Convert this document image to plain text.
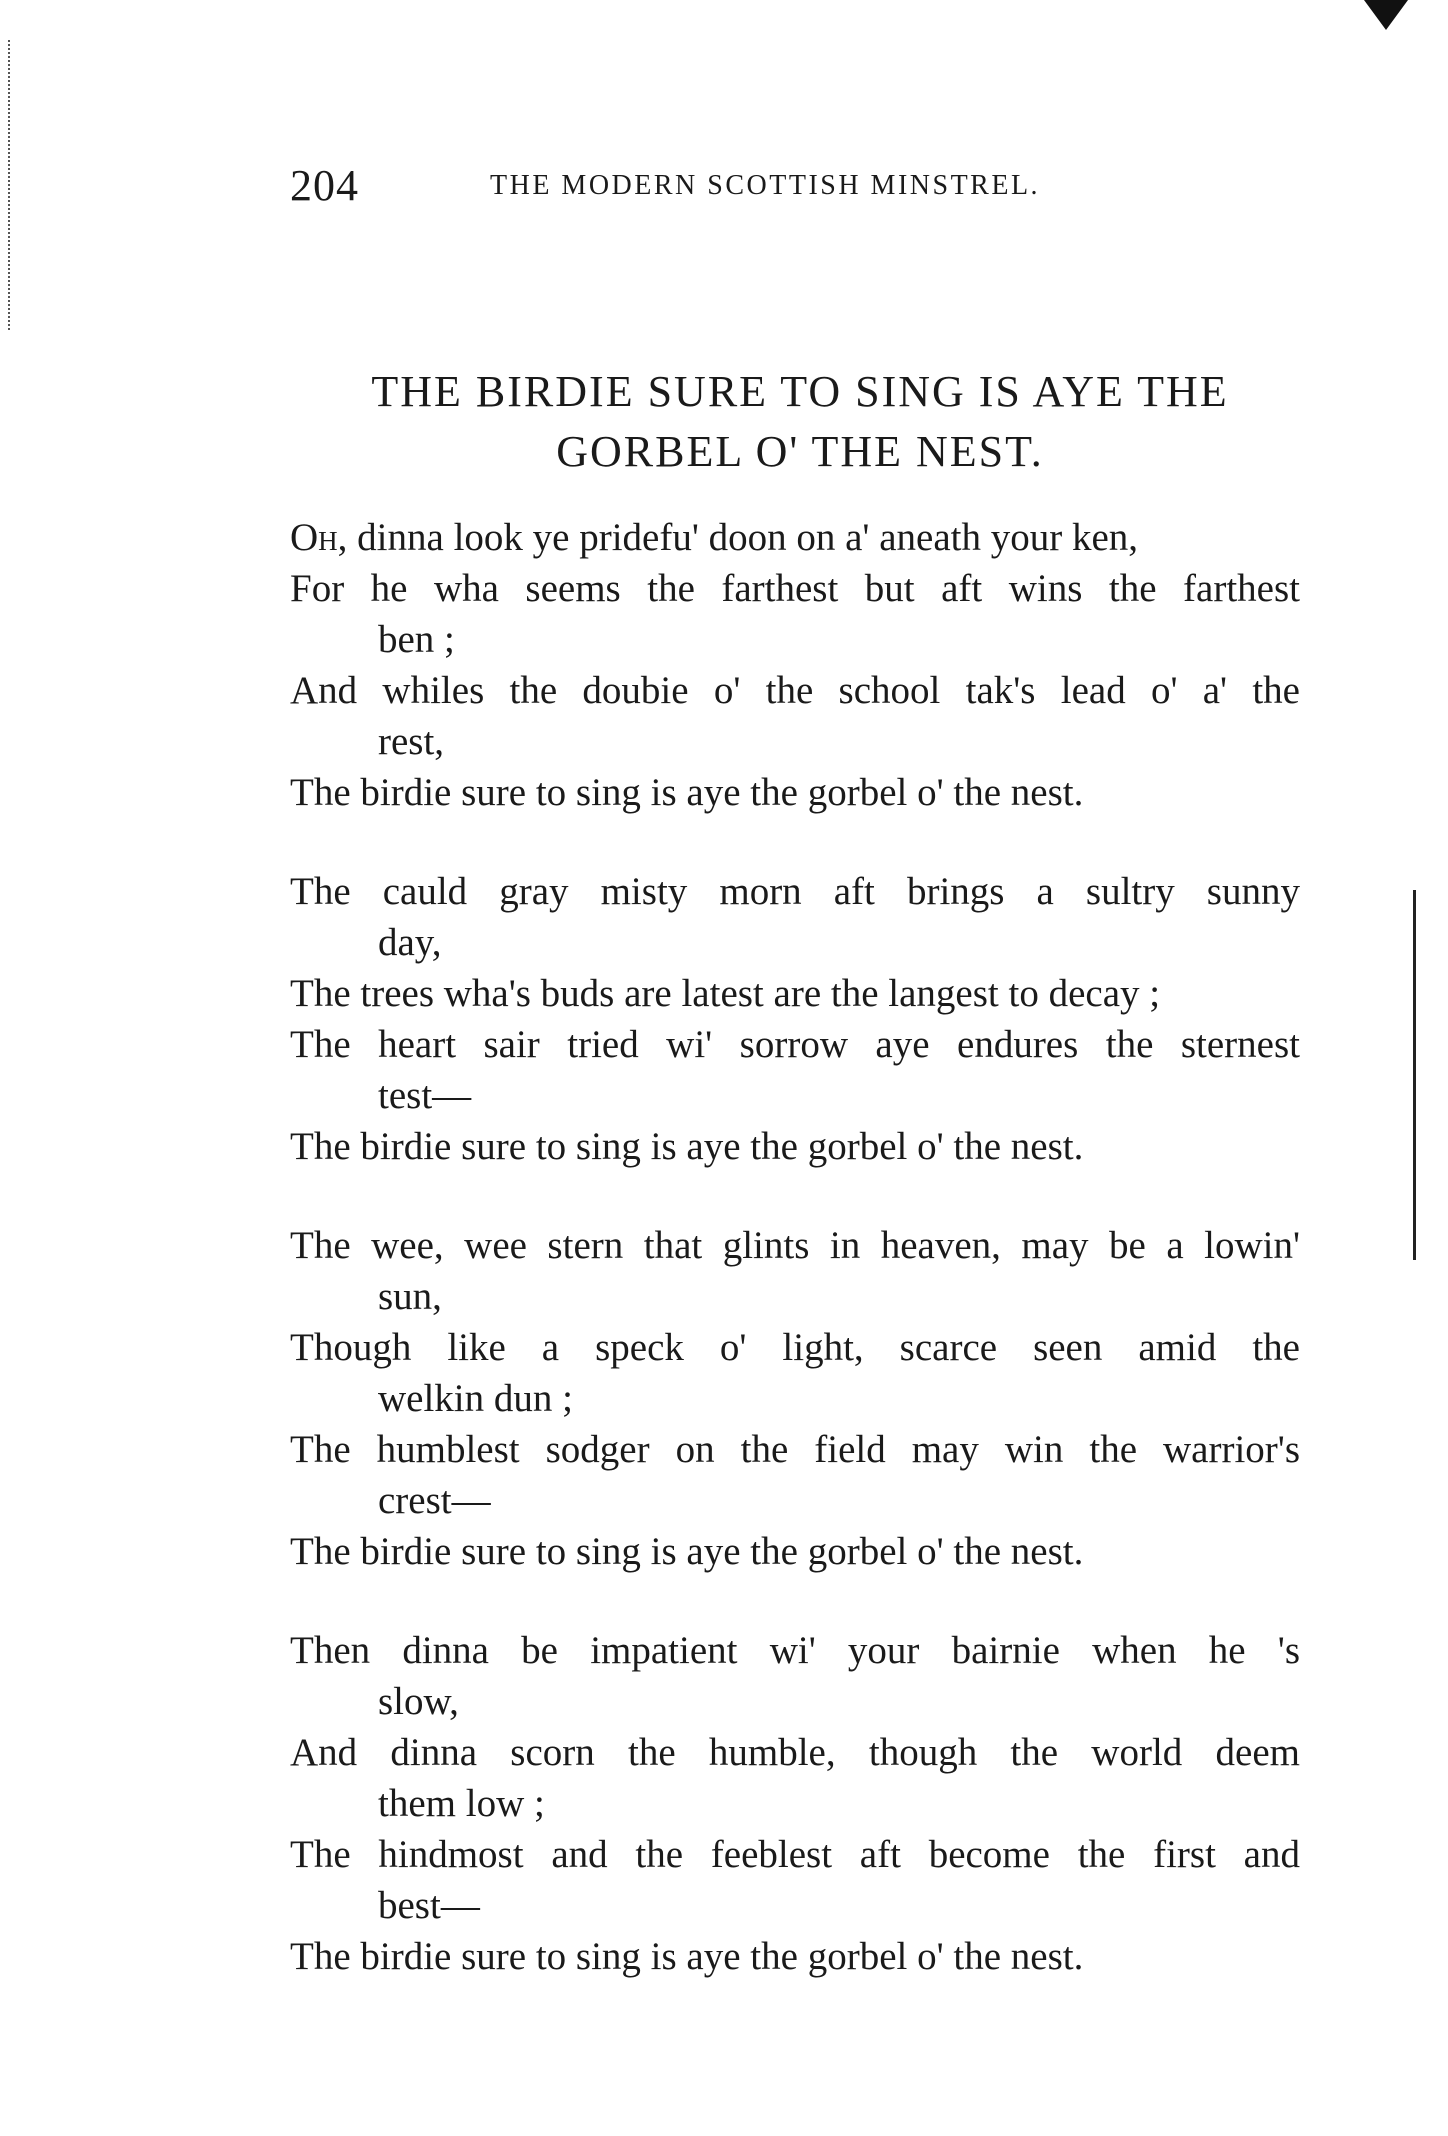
204	THE MODERN SCOTTISH MINSTREL.
THE BIRDIE SURE TO SING IS AYE THE
GORBEL O' THE NEST.
Oh, dinna look ye pridefu' doon on a' aneath your ken,
For he wha seems the farthest but aft wins the farthest
ben ;
And whiles the doubie o' the school tak's lead o' a' the
rest,
The birdie sure to sing is aye the gorbel o' the nest.
The cauld gray misty morn aft brings a sultry sunny
day,
The trees wha's buds are latest are the langest to decay ;
The heart sair tried wi' sorrow aye endures the sternest
test—
The birdie sure to sing is aye the gorbel o' the nest.
The wee, wee stern that glints in heaven, may be a lowin'
sun,
Though like a speck o' light, scarce seen amid the
welkin dun ;
The humblest sodger on the field may win the warrior's
crest—
The birdie sure to sing is aye the gorbel o' the nest.
Then dinna be impatient wi' your bairnie when he 's
slow,
And dinna scorn the humble, though the world deem
them low ;
The hindmost and the feeblest aft become the first and
best—
The birdie sure to sing is aye the gorbel o' the nest.
